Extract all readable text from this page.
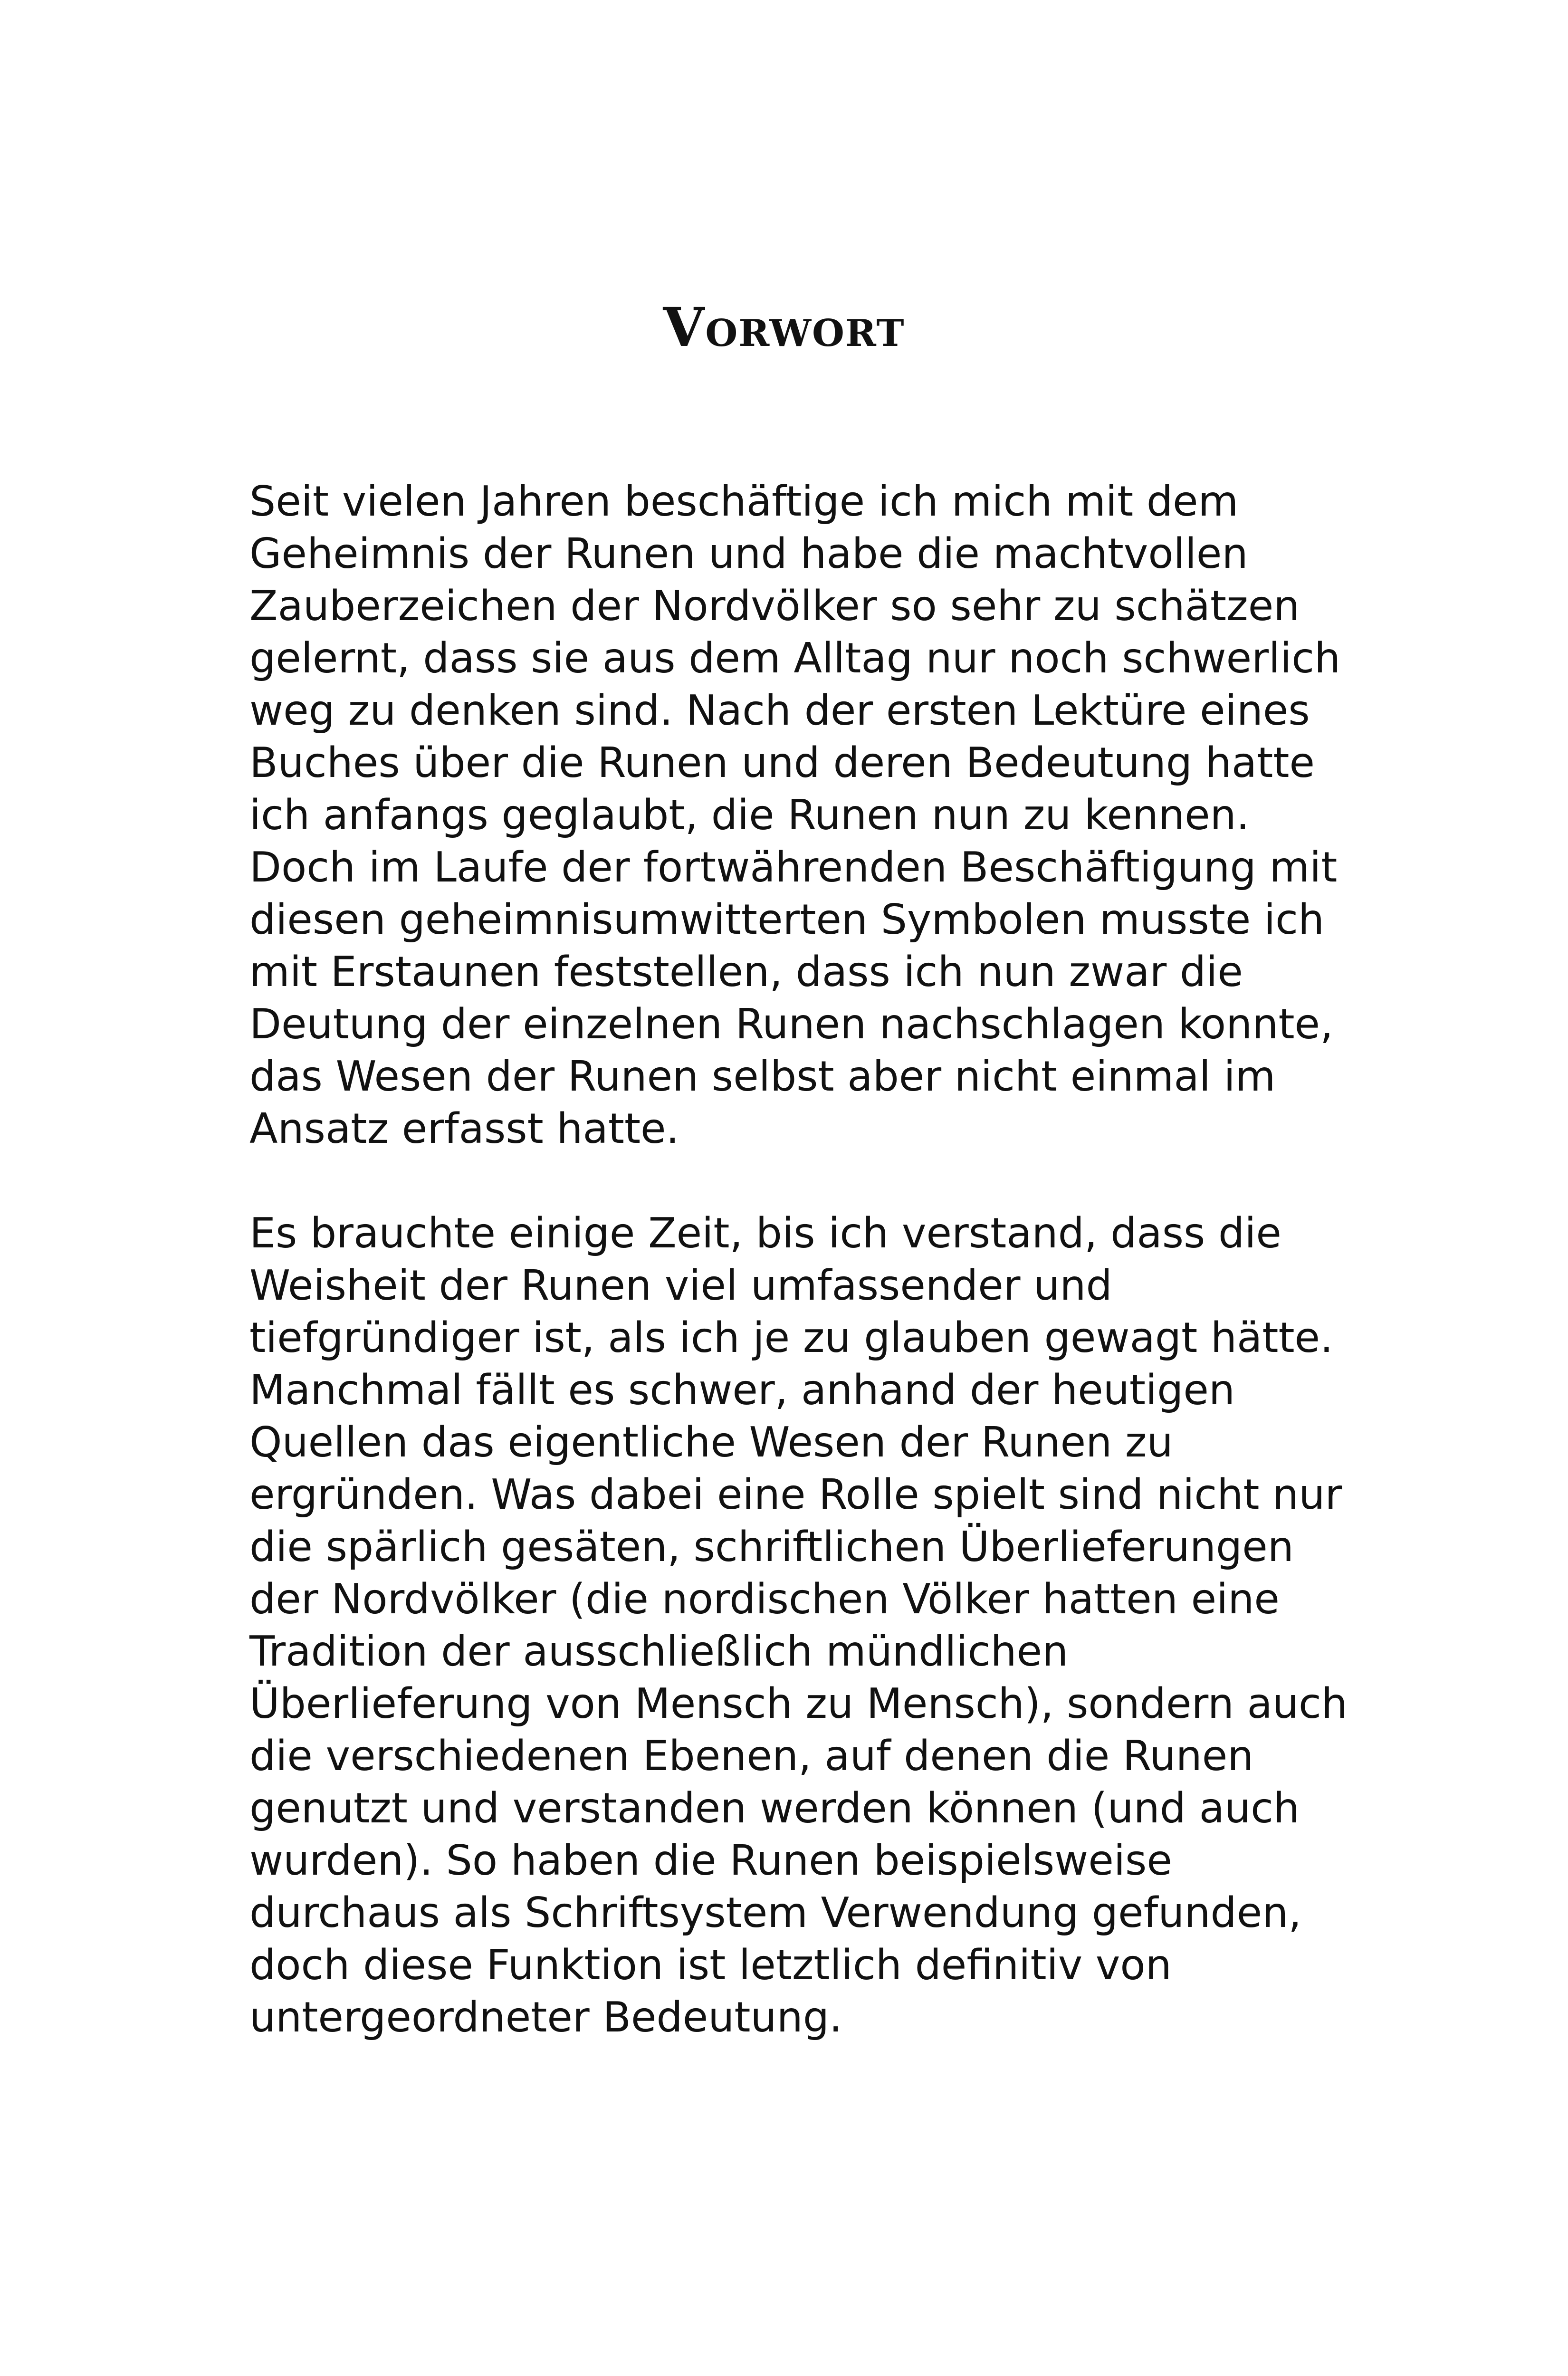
Vorwort

Seit vielen Jahren beschäftige ich mich mit dem
Geheimnis der Runen und habe die machtvollen
Zauberzeichen der Nordvölker so sehr zu schätzen
gelernt, dass sie aus dem Alltag nur noch schwerlich
weg zu denken sind. Nach der ersten Lektüre eines
Buches über die Runen und deren Bedeutung hatte
ich anfangs geglaubt, die Runen nun zu kennen.
Doch im Laufe der fortwährenden Beschäftigung mit
diesen geheimnisumwitterten Symbolen musste ich
mit Erstaunen feststellen, dass ich nun zwar die
Deutung der einzelnen Runen nachschlagen konnte,
das Wesen der Runen selbst aber nicht einmal im
Ansatz erfasst hatte.

Es brauchte einige Zeit, bis ich verstand, dass die
Weisheit der Runen viel umfassender und
tiefgründiger ist, als ich je zu glauben gewagt hätte.
Manchmal fällt es schwer, anhand der heutigen
Quellen das eigentliche Wesen der Runen zu
ergründen. Was dabei eine Rolle spielt sind nicht nur
die spärlich gesäten, schriftlichen Überlieferungen
der Nordvölker (die nordischen Völker hatten eine
Tradition der ausschließlich mündlichen
Überlieferung von Mensch zu Mensch), sondern auch
die verschiedenen Ebenen, auf denen die Runen
genutzt und verstanden werden können (und auch
wurden). So haben die Runen beispielsweise
durchaus als Schriftsystem Verwendung gefunden,
doch diese Funktion ist letztlich definitiv von
untergeordneter Bedeutung.
